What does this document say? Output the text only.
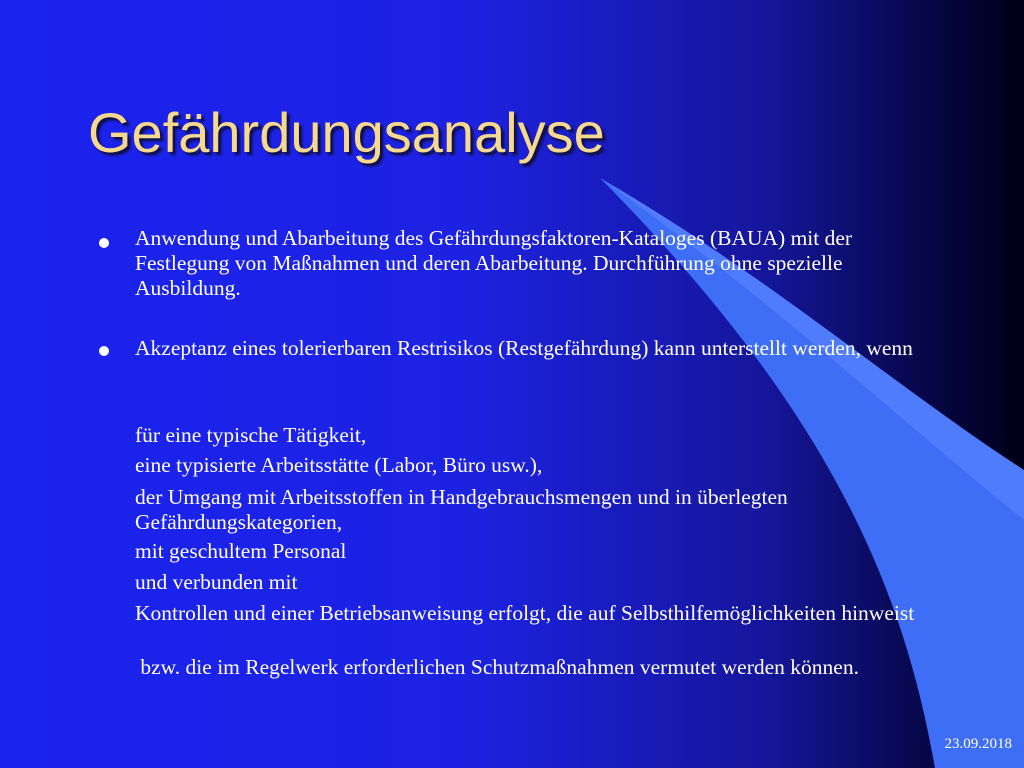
Gefährdungsanalyse

Anwendung und Abarbeitung des Gefährdungsfaktoren-Kataloges (BAUA) mit der Festlegung von Maßnahmen und deren Abarbeitung. Durchführung ohne spezielle Ausbildung.

Akzeptanz eines tolerierbaren Restrisikos (Restgefährdung) kann unterstellt werden, wenn

für eine typische Tätigkeit,

eine typisierte Arbeitsstätte (Labor, Büro usw.),

der Umgang mit Arbeitsstoffen in Handgebrauchsmengen und in überlegten Gefährdungskategorien,

mit geschultem Personal

und verbunden mit

Kontrollen und einer Betriebsanweisung erfolgt, die auf Selbsthilfemöglichkeiten hinweist

bzw. die im Regelwerk erforderlichen Schutzmaßnahmen vermutet werden können.

23.09.2018
